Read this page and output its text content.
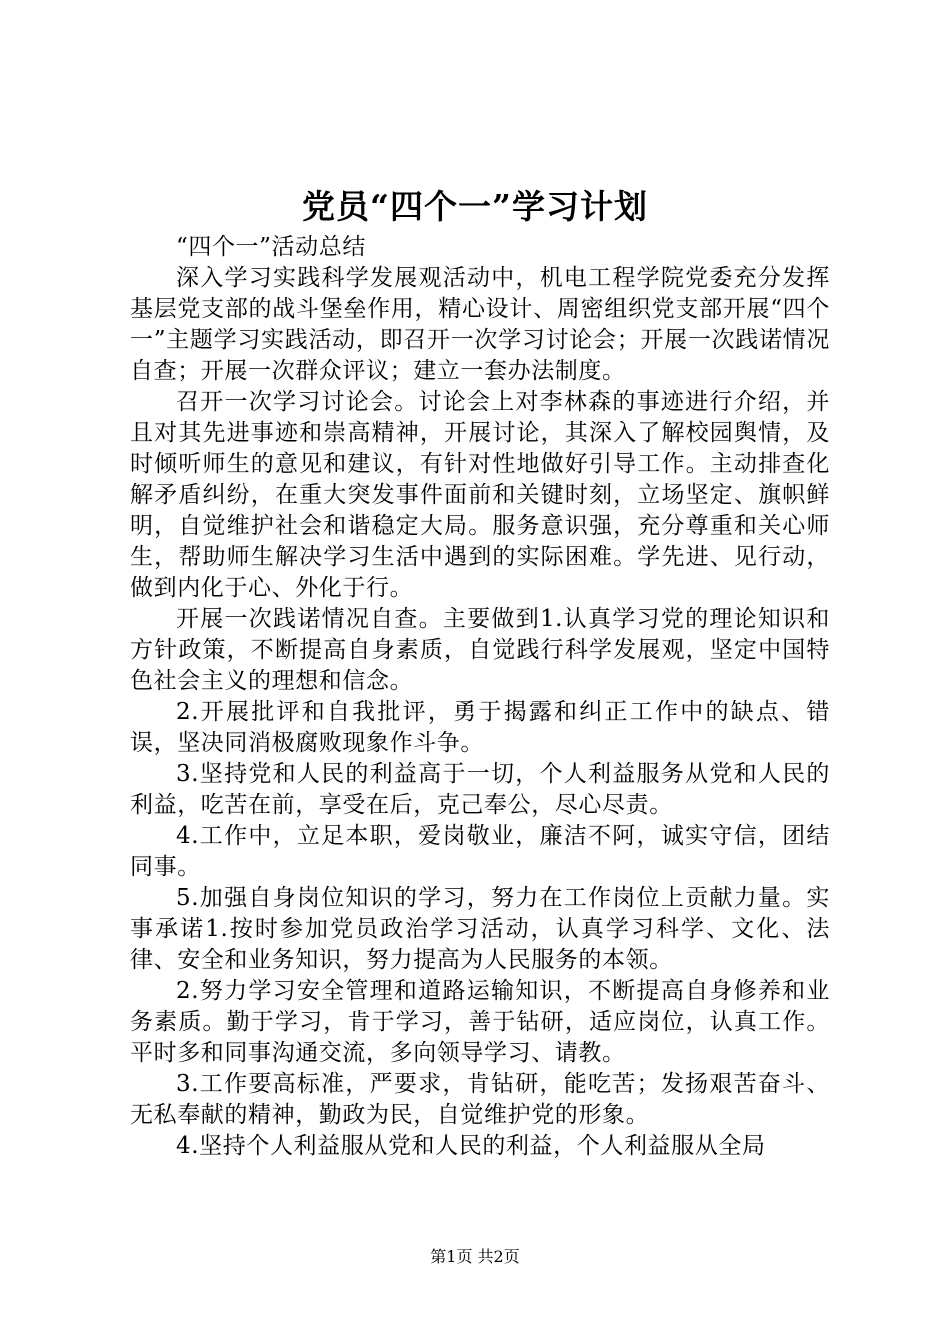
党员“四个一”学习计划

“四个一”活动总结

深入学习实践科学发展观活动中，机电工程学院党委充分发挥基层党支部的战斗堡垒作用，精心设计、周密组织党支部开展“四个一”主题学习实践活动，即召开一次学习讨论会；开展一次践诺情况自查；开展一次群众评议；建立一套办法制度。

召开一次学习讨论会。讨论会上对李林森的事迹进行介绍，并且对其先进事迹和崇高精神，开展讨论，其深入了解校园舆情，及时倾听师生的意见和建议，有针对性地做好引导工作。主动排查化解矛盾纠纷，在重大突发事件面前和关键时刻，立场坚定、旗帜鲜明，自觉维护社会和谐稳定大局。服务意识强，充分尊重和关心师生，帮助师生解决学习生活中遇到的实际困难。学先进、见行动，做到内化于心、外化于行。

开展一次践诺情况自查。主要做到1.认真学习党的理论知识和方针政策，不断提高自身素质，自觉践行科学发展观，坚定中国特色社会主义的理想和信念。

2.开展批评和自我批评，勇于揭露和纠正工作中的缺点、错误，坚决同消极腐败现象作斗争。

3.坚持党和人民的利益高于一切，个人利益服务从党和人民的利益，吃苦在前，享受在后，克己奉公，尽心尽责。

4.工作中，立足本职，爱岗敬业，廉洁不阿，诚实守信，团结同事。

5.加强自身岗位知识的学习，努力在工作岗位上贡献力量。实事承诺1.按时参加党员政治学习活动，认真学习科学、文化、法律、安全和业务知识，努力提高为人民服务的本领。

2.努力学习安全管理和道路运输知识，不断提高自身修养和业务素质。勤于学习，肯于学习，善于钻研，适应岗位，认真工作。平时多和同事沟通交流，多向领导学习、请教。

3.工作要高标准，严要求，肯钻研，能吃苦；发扬艰苦奋斗、无私奉献的精神，勤政为民，自觉维护党的形象。

4.坚持个人利益服从党和人民的利益，个人利益服从全局

第1页 共2页
